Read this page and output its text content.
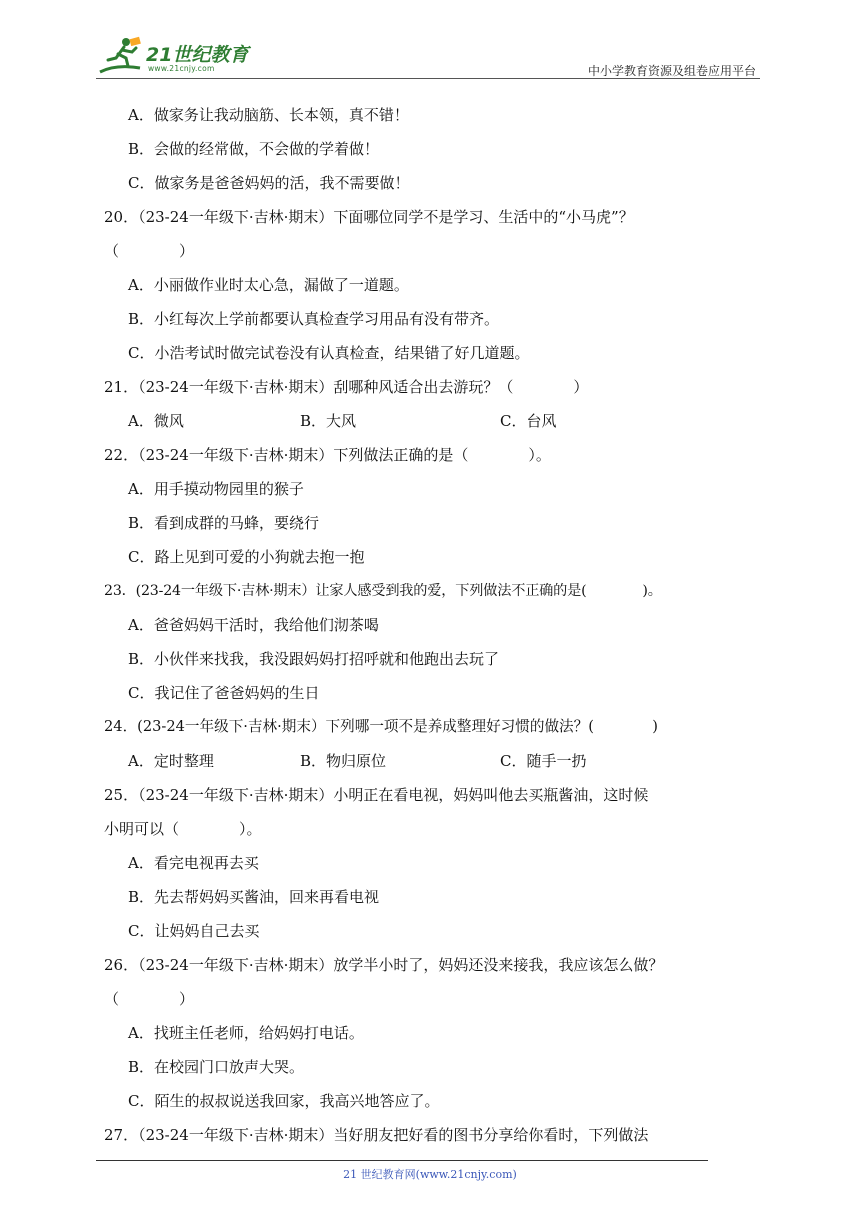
21世纪教育
www.21cnjy.com	中小学教育资源及组卷应用平台
A．做家务让我动脑筋、长本领，真不错！
B．会做的经常做，不会做的学着做！
C．做家务是爸爸妈妈的活，我不需要做！
20．（23-24一年级下·吉林·期末）下面哪位同学不是学习、生活中的“小马虎”？
（　　　　）
A．小丽做作业时太心急，漏做了一道题。
B．小红每次上学前都要认真检查学习用品有没有带齐。
C．小浩考试时做完试卷没有认真检查，结果错了好几道题。
21．（23-24一年级下·吉林·期末）刮哪种风适合出去游玩？（　　　　）
A．微风	B．大风	C．台风
22．（23-24一年级下·吉林·期末）下列做法正确的是（　　　　）。
A．用手摸动物园里的猴子
B．看到成群的马蜂，要绕行
C．路上见到可爱的小狗就去抱一抱
23．(23-24一年级下·吉林·期末）让家人感受到我的爱，下列做法不正确的是(　　　　)。
A．爸爸妈妈干活时，我给他们沏茶喝
B．小伙伴来找我，我没跟妈妈打招呼就和他跑出去玩了
C．我记住了爸爸妈妈的生日
24．(23-24一年级下·吉林·期末）下列哪一项不是养成整理好习惯的做法？(　　　　)
A．定时整理	B．物归原位	C．随手一扔
25．（23-24一年级下·吉林·期末）小明正在看电视，妈妈叫他去买瓶酱油，这时候
小明可以（　　　　）。
A．看完电视再去买
B．先去帮妈妈买酱油，回来再看电视
C．让妈妈自己去买
26．（23-24一年级下·吉林·期末）放学半小时了，妈妈还没来接我，我应该怎么做？
（　　　　）
A．找班主任老师，给妈妈打电话。
B．在校园门口放声大哭。
C．陌生的叔叔说送我回家，我高兴地答应了。
27．（23-24一年级下·吉林·期末）当好朋友把好看的图书分享给你看时，下列做法
21 世纪教育网(www.21cnjy.com)
